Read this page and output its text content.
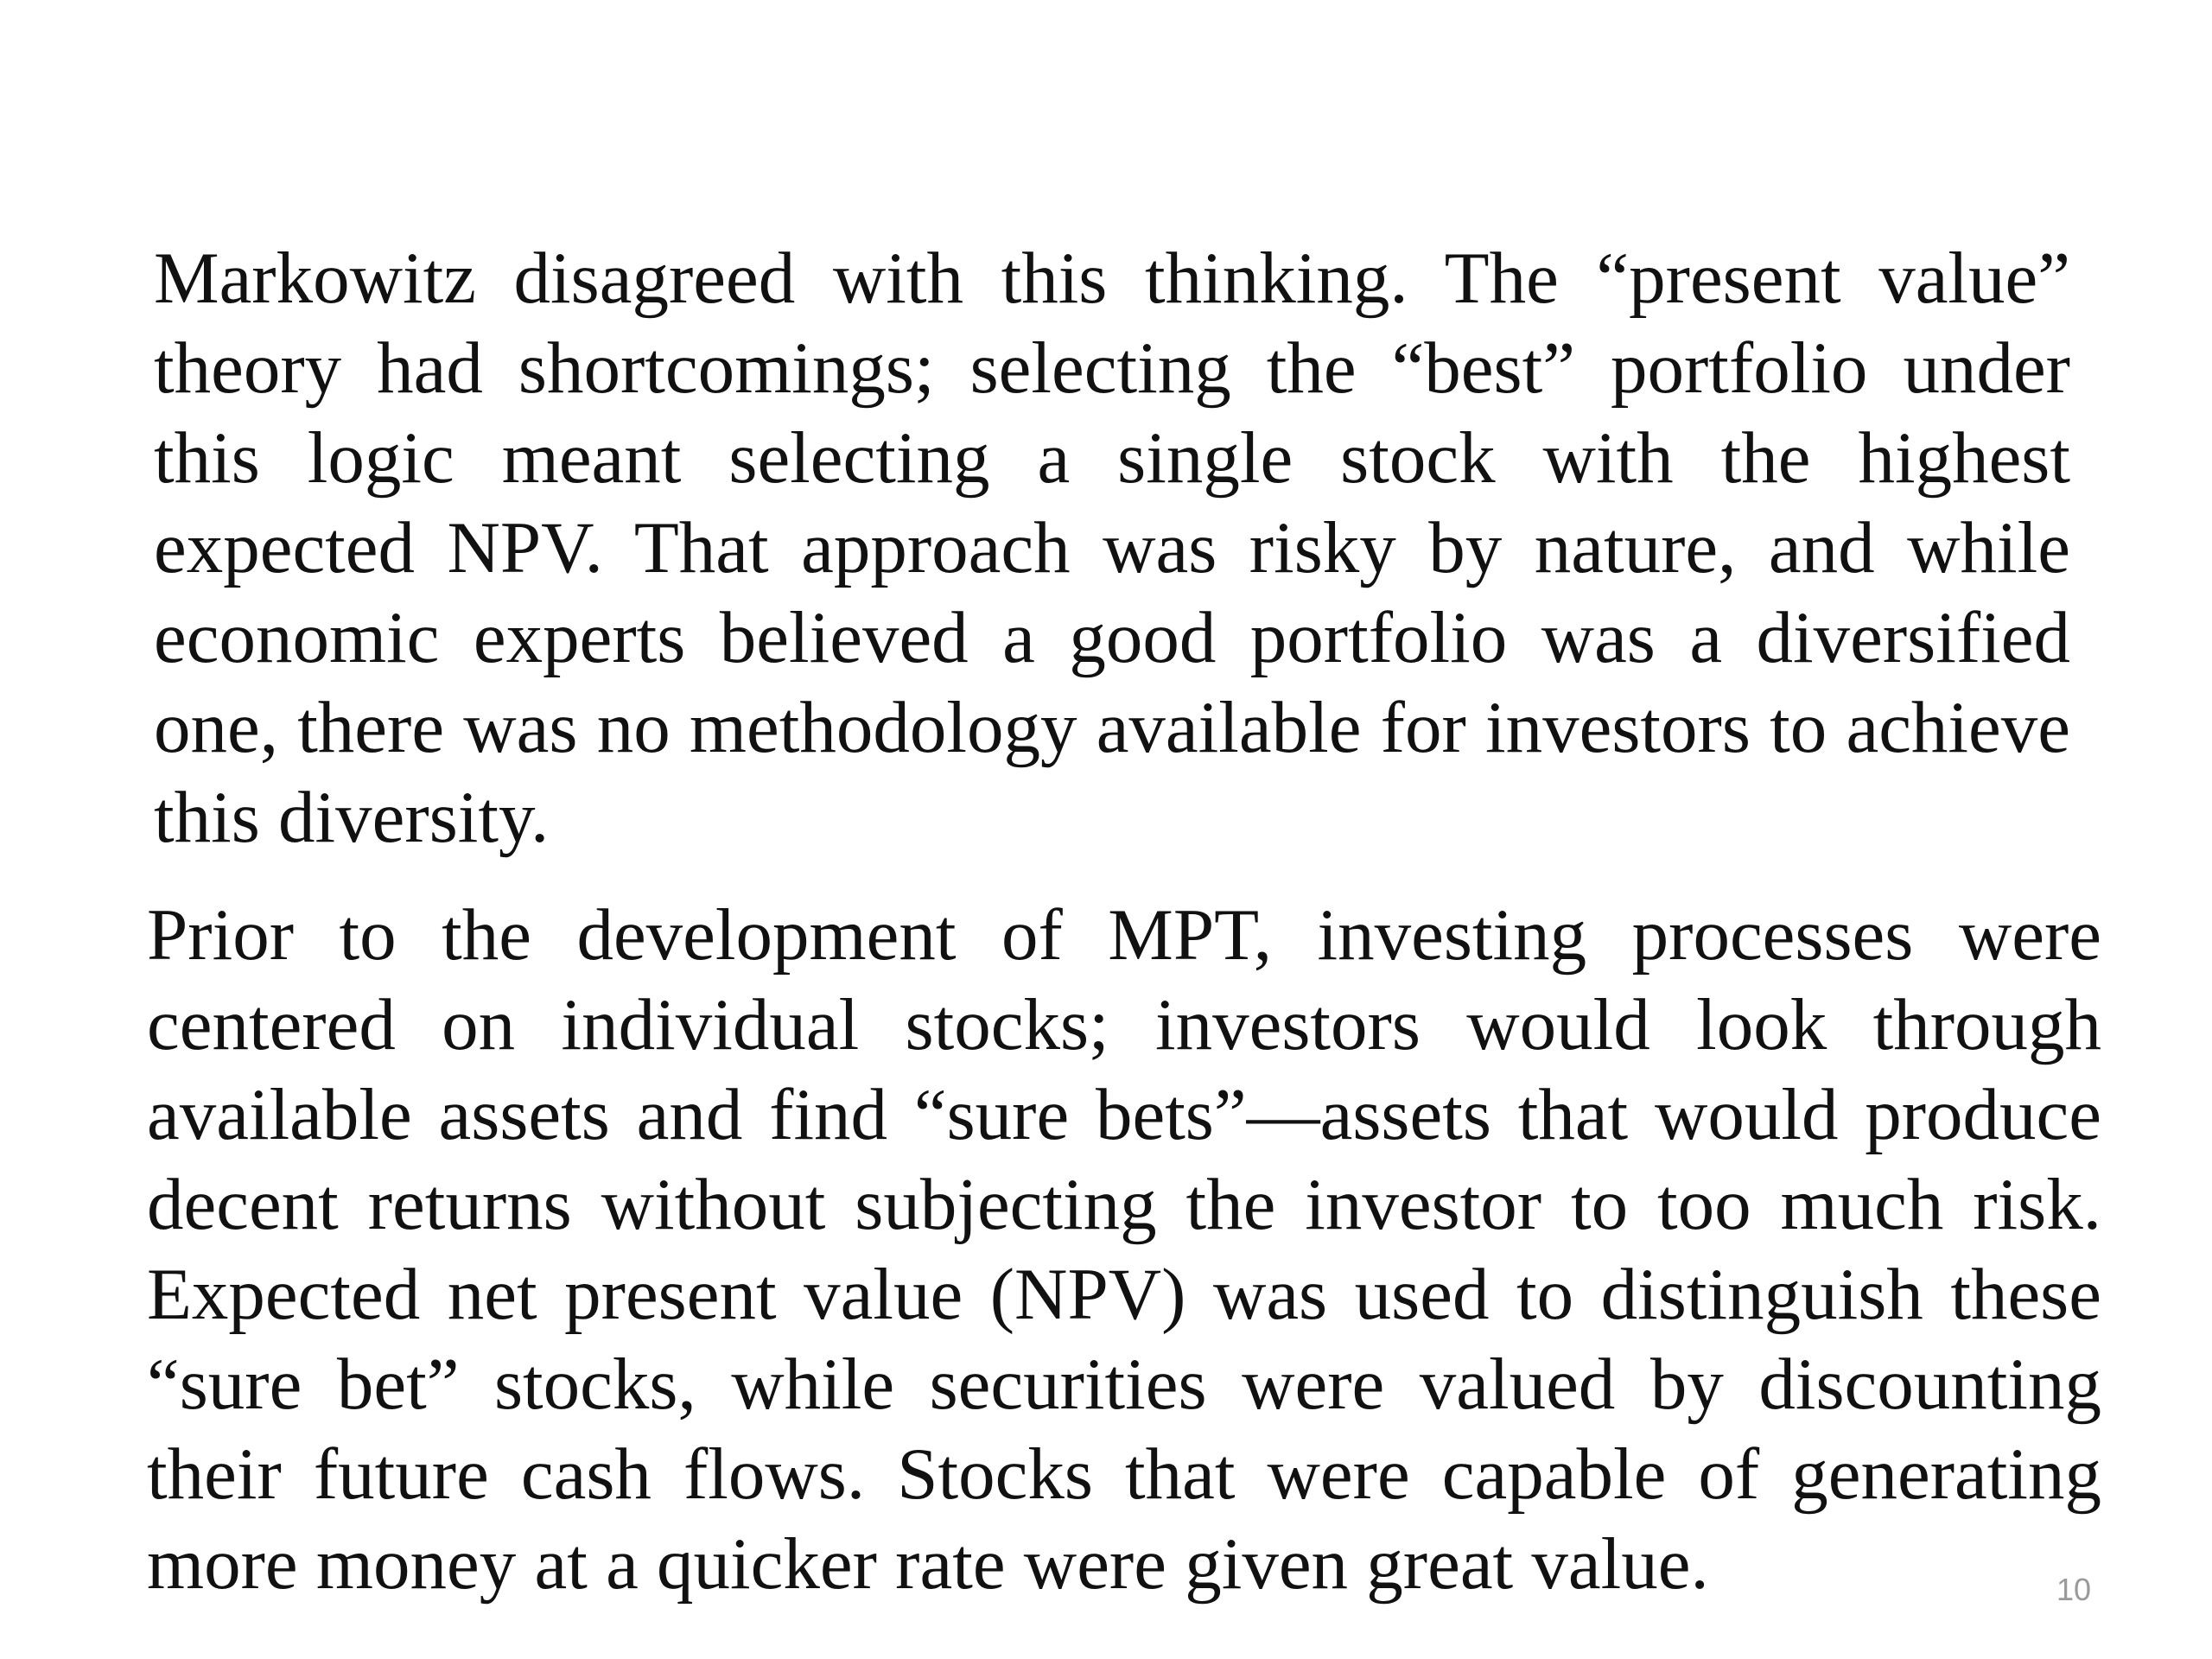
Markowitz disagreed with this thinking. The “present value” theory had shortcomings; selecting the “best” portfolio under this logic meant selecting a single stock with the highest expected NPV. That approach was risky by nature, and while economic experts believed a good portfolio was a diversified one, there was no methodology available for investors to achieve this diversity.

Prior to the development of MPT, investing processes were centered on individual stocks; investors would look through available assets and find “sure bets”—assets that would produce decent returns without subjecting the investor to too much risk. Expected net present value (NPV) was used to distinguish these “sure bet” stocks, while securities were valued by discounting their future cash flows. Stocks that were capable of generating more money at a quicker rate were given great value.	10
